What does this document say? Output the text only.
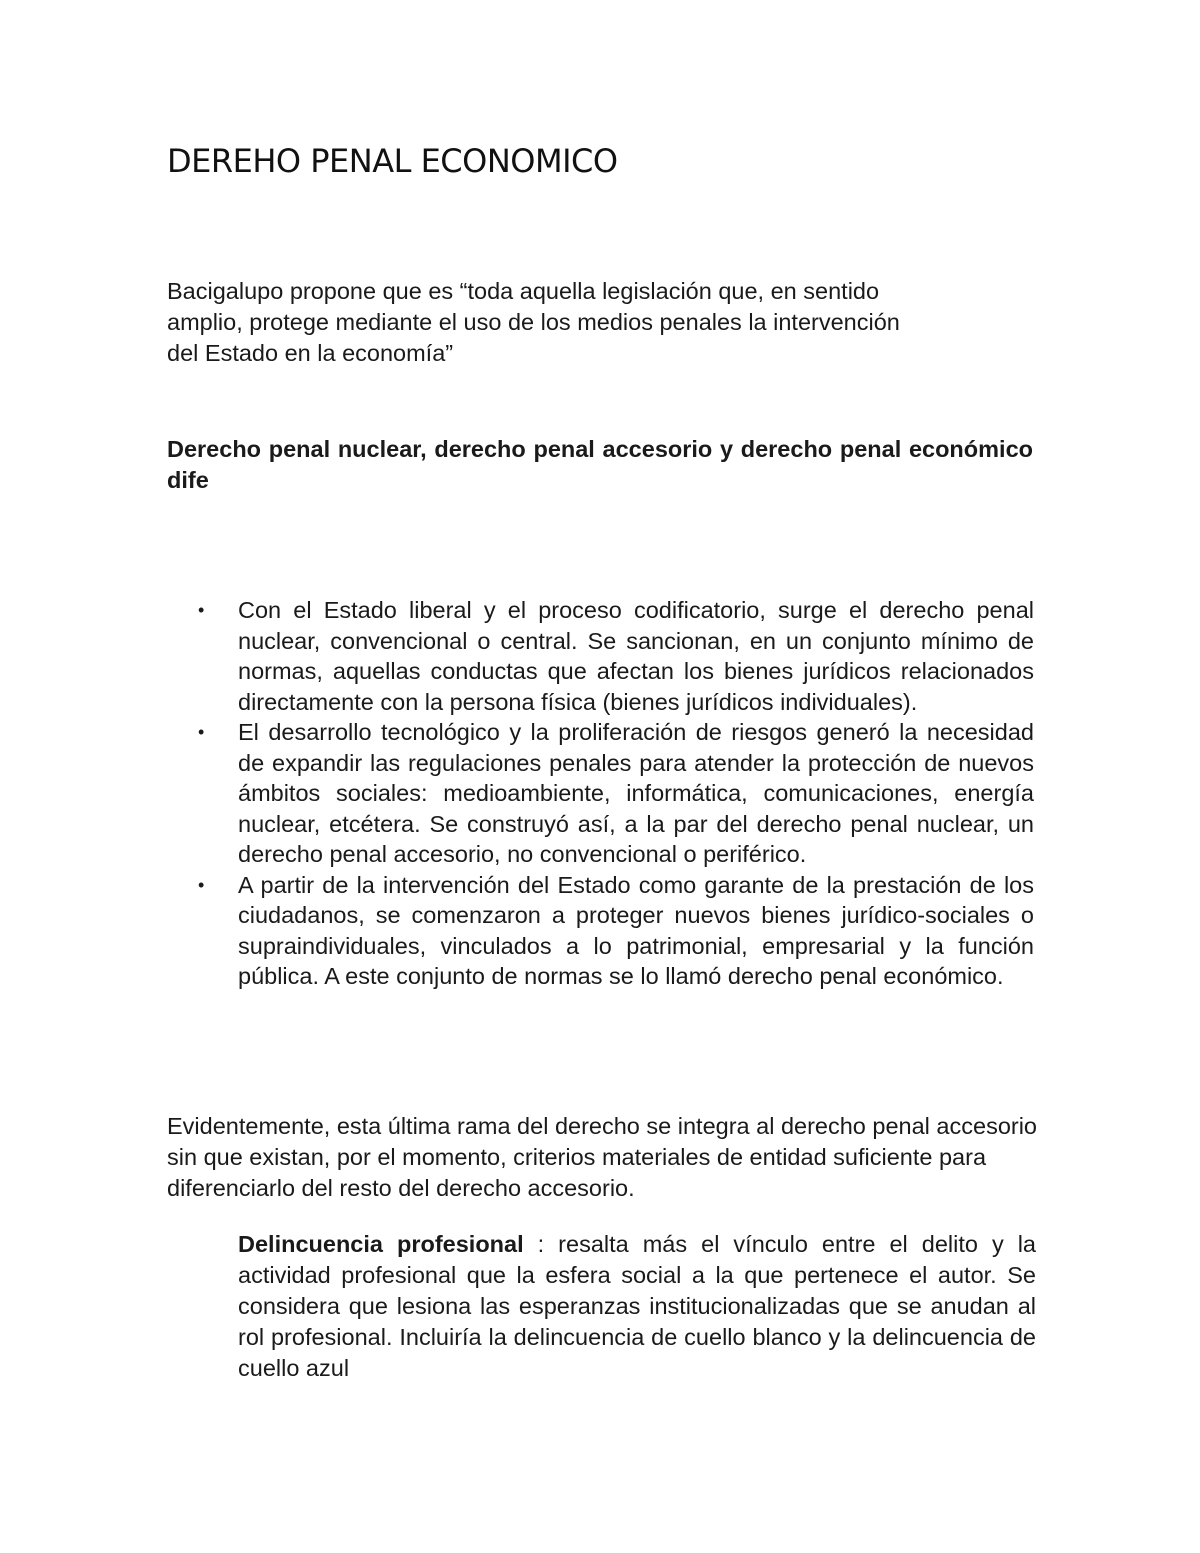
DEREHO PENAL ECONOMICO

Bacigalupo propone que es “toda aquella legislación que, en sentido
amplio, protege mediante el uso de los medios penales la intervención
del Estado en la economía”

Derecho penal nuclear, derecho penal accesorio y derecho penal económico dife

• Con el Estado liberal y el proceso codificatorio, surge el derecho penal nuclear, convencional o central. Se sancionan, en un conjunto mínimo de normas, aquellas conductas que afectan los bienes jurídicos relacionados directamente con la persona física (bienes jurídicos individuales).
• El desarrollo tecnológico y la proliferación de riesgos generó la necesidad de expandir las regulaciones penales para atender la protección de nuevos ámbitos sociales: medioambiente, informática, comunicaciones, energía nuclear, etcétera. Se construyó así, a la par del derecho penal nuclear, un derecho penal accesorio, no convencional o periférico.
• A partir de la intervención del Estado como garante de la prestación de los ciudadanos, se comenzaron a proteger nuevos bienes jurídico-sociales o supraindividuales, vinculados a lo patrimonial, empresarial y la función pública. A este conjunto de normas se lo llamó derecho penal económico.

Evidentemente, esta última rama del derecho se integra al derecho penal accesorio sin que existan, por el momento, criterios materiales de entidad suficiente para diferenciarlo del resto del derecho accesorio.

Delincuencia profesional : resalta más el vínculo entre el delito y la actividad profesional que la esfera social a la que pertenece el autor. Se considera que lesiona las esperanzas institucionalizadas que se anudan al rol profesional. Incluiría la delincuencia de cuello blanco y la delincuencia de cuello azul
